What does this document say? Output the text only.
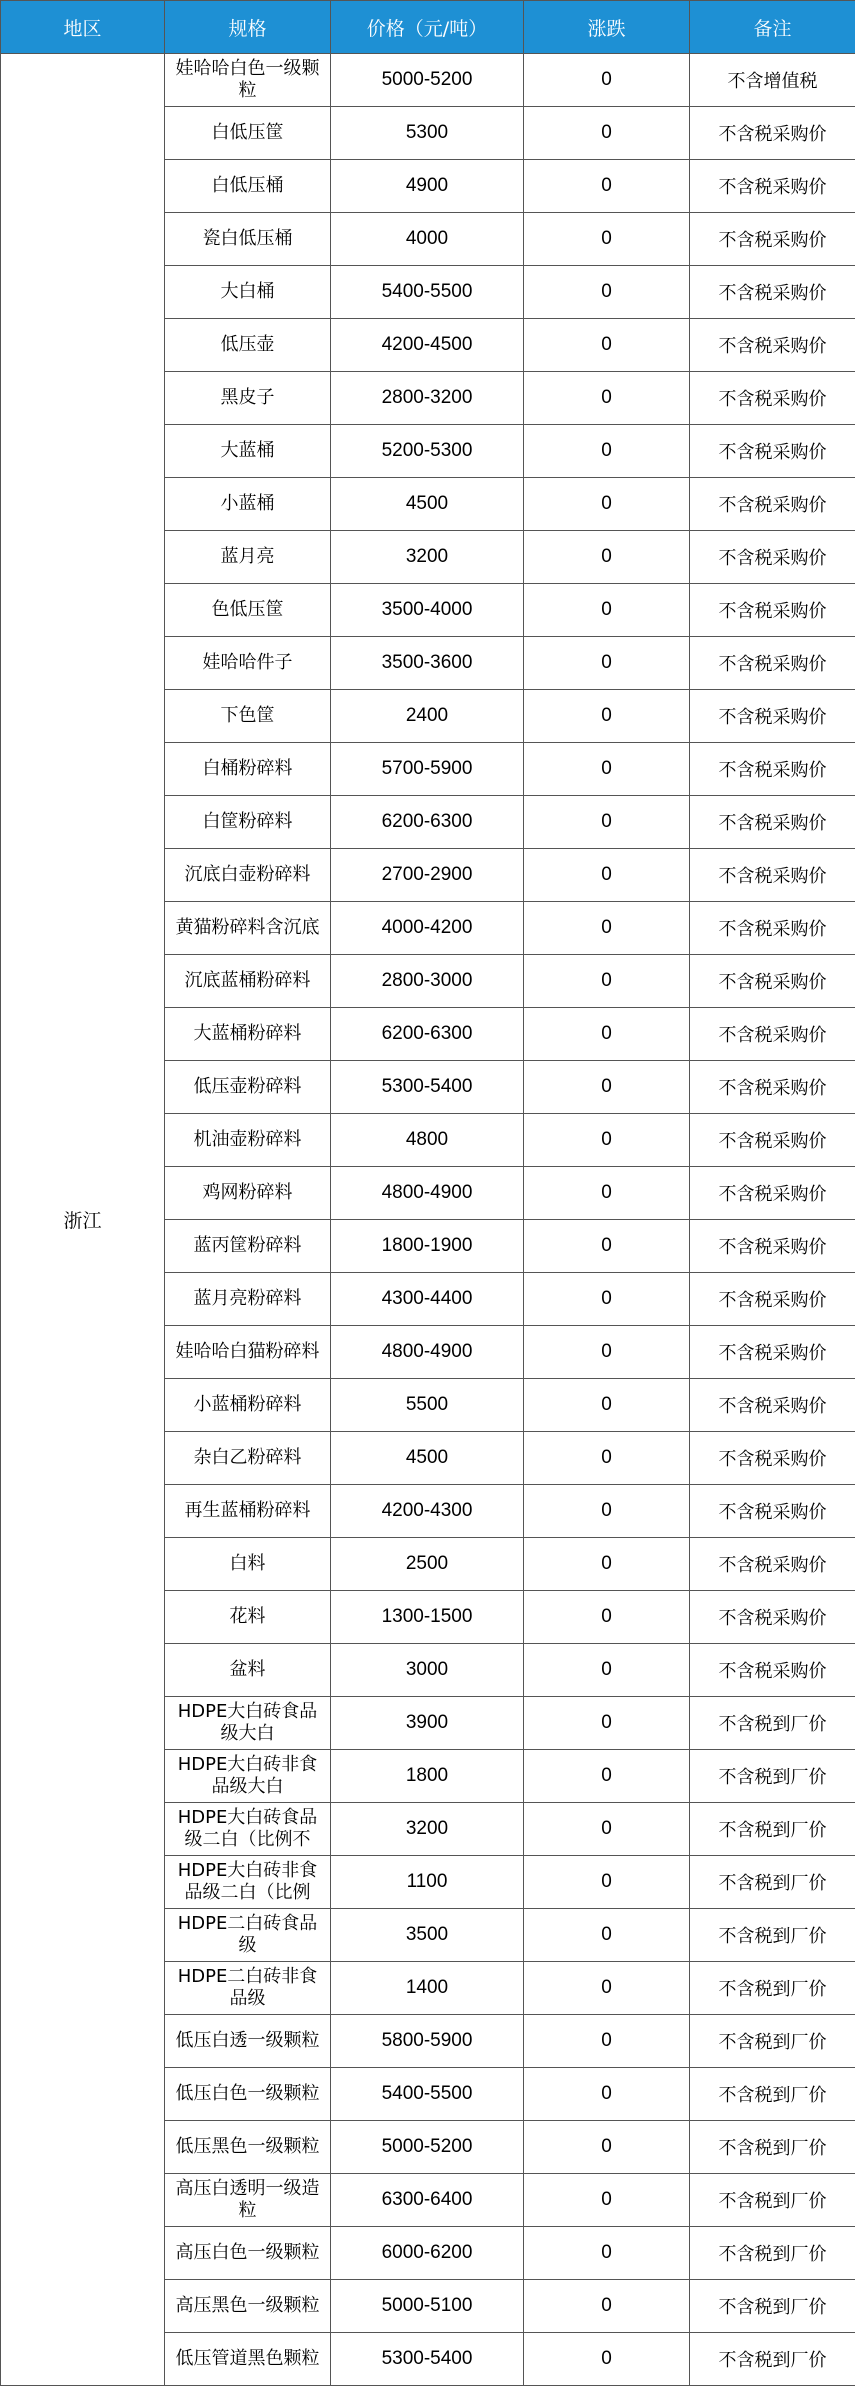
地区	规格	价格（元/吨）	涨跌	备注
浙江	娃哈哈白色一级颗粒	5000-5200	0	不含增值税
	白低压筐	5300	0	不含税采购价
	白低压桶	4900	0	不含税采购价
	瓷白低压桶	4000	0	不含税采购价
	大白桶	5400-5500	0	不含税采购价
	低压壶	4200-4500	0	不含税采购价
	黑皮子	2800-3200	0	不含税采购价
	大蓝桶	5200-5300	0	不含税采购价
	小蓝桶	4500	0	不含税采购价
	蓝月亮	3200	0	不含税采购价
	色低压筐	3500-4000	0	不含税采购价
	娃哈哈件子	3500-3600	0	不含税采购价
	下色筐	2400	0	不含税采购价
	白桶粉碎料	5700-5900	0	不含税采购价
	白筐粉碎料	6200-6300	0	不含税采购价
	沉底白壶粉碎料	2700-2900	0	不含税采购价
	黄猫粉碎料含沉底	4000-4200	0	不含税采购价
	沉底蓝桶粉碎料	2800-3000	0	不含税采购价
	大蓝桶粉碎料	6200-6300	0	不含税采购价
	低压壶粉碎料	5300-5400	0	不含税采购价
	机油壶粉碎料	4800	0	不含税采购价
	鸡网粉碎料	4800-4900	0	不含税采购价
	蓝丙筐粉碎料	1800-1900	0	不含税采购价
	蓝月亮粉碎料	4300-4400	0	不含税采购价
	娃哈哈白猫粉碎料	4800-4900	0	不含税采购价
	小蓝桶粉碎料	5500	0	不含税采购价
	杂白乙粉碎料	4500	0	不含税采购价
	再生蓝桶粉碎料	4200-4300	0	不含税采购价
	白料	2500	0	不含税采购价
	花料	1300-1500	0	不含税采购价
	盆料	3000	0	不含税采购价
	HDPE大白砖食品级大白	3900	0	不含税到厂价
	HDPE大白砖非食品级大白	1800	0	不含税到厂价
	HDPE大白砖食品级二白（比例不	3200	0	不含税到厂价
	HDPE大白砖非食品级二白（比例	1100	0	不含税到厂价
	HDPE二白砖食品级	3500	0	不含税到厂价
	HDPE二白砖非食品级	1400	0	不含税到厂价
	低压白透一级颗粒	5800-5900	0	不含税到厂价
	低压白色一级颗粒	5400-5500	0	不含税到厂价
	低压黑色一级颗粒	5000-5200	0	不含税到厂价
	高压白透明一级造粒	6300-6400	0	不含税到厂价
	高压白色一级颗粒	6000-6200	0	不含税到厂价
	高压黑色一级颗粒	5000-5100	0	不含税到厂价
	低压管道黑色颗粒	5300-5400	0	不含税到厂价
